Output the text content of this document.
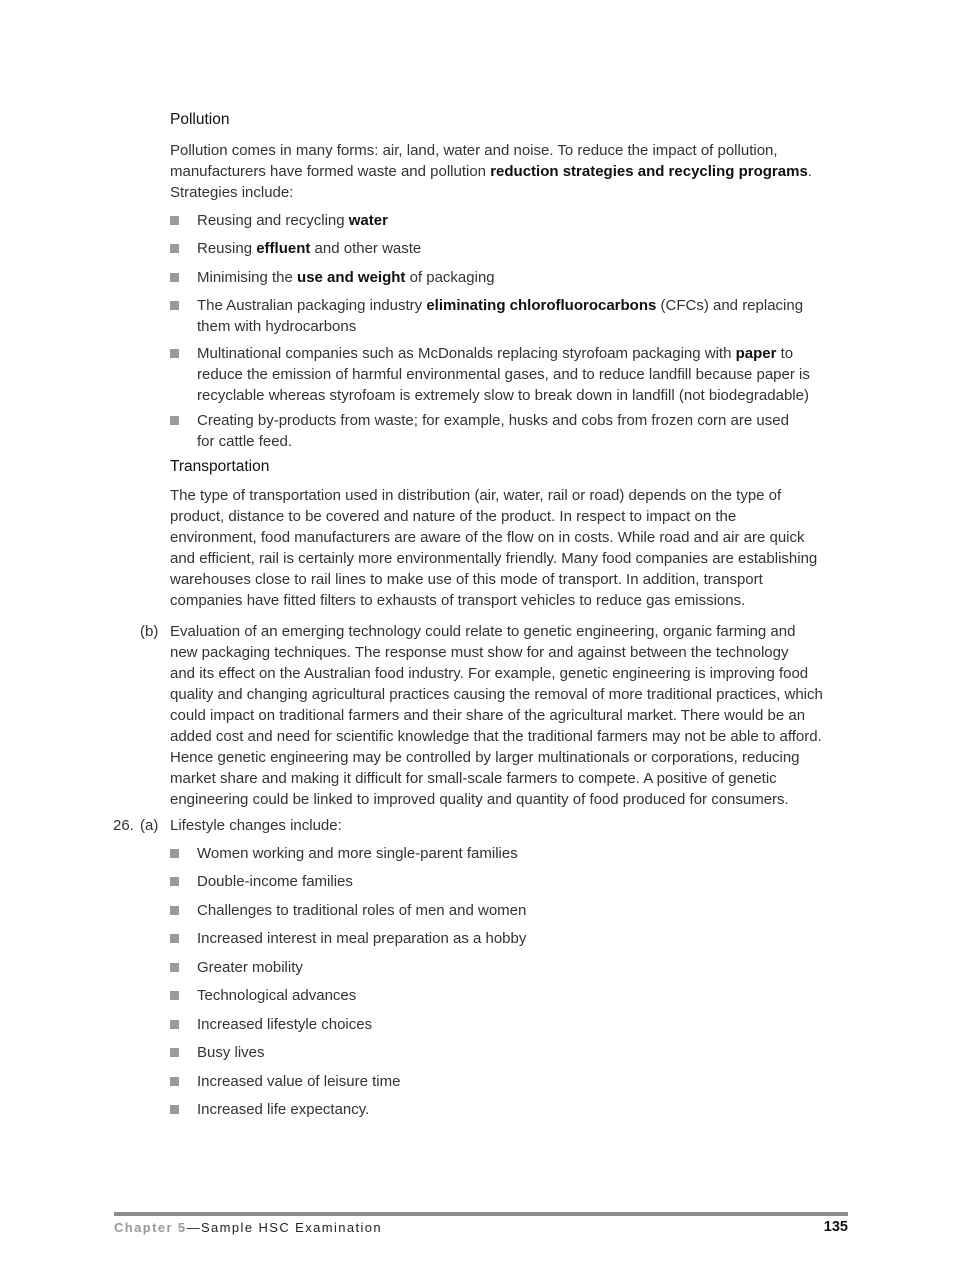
Pollution
Pollution comes in many forms: air, land, water and noise. To reduce the impact of pollution,
manufacturers have formed waste and pollution reduction strategies and recycling programs.
Strategies include:
Reusing and recycling water
Reusing effluent and other waste
Minimising the use and weight of packaging
The Australian packaging industry eliminating chlorofluorocarbons (CFCs) and replacing
them with hydrocarbons
Multinational companies such as McDonalds replacing styrofoam packaging with paper to
reduce the emission of harmful environmental gases, and to reduce landfill because paper is
recyclable whereas styrofoam is extremely slow to break down in landfill (not biodegradable)
Creating by-products from waste; for example, husks and cobs from frozen corn are used
for cattle feed.
Transportation
The type of transportation used in distribution (air, water, rail or road) depends on the type of
product, distance to be covered and nature of the product. In respect to impact on the
environment, food manufacturers are aware of the flow on in costs. While road and air are quick
and efficient, rail is certainly more environmentally friendly. Many food companies are establishing
warehouses close to rail lines to make use of this mode of transport. In addition, transport
companies have fitted filters to exhausts of transport vehicles to reduce gas emissions.
(b) Evaluation of an emerging technology could relate to genetic engineering, organic farming and
new packaging techniques. The response must show for and against between the technology
and its effect on the Australian food industry. For example, genetic engineering is improving food
quality and changing agricultural practices causing the removal of more traditional practices, which
could impact on traditional farmers and their share of the agricultural market. There would be an
added cost and need for scientific knowledge that the traditional farmers may not be able to afford.
Hence genetic engineering may be controlled by larger multinationals or corporations, reducing
market share and making it difficult for small-scale farmers to compete. A positive of genetic
engineering could be linked to improved quality and quantity of food produced for consumers.
26. (a) Lifestyle changes include:
Women working and more single-parent families
Double-income families
Challenges to traditional roles of men and women
Increased interest in meal preparation as a hobby
Greater mobility
Technological advances
Increased lifestyle choices
Busy lives
Increased value of leisure time
Increased life expectancy.
Chapter 5—Sample HSC Examination	135
